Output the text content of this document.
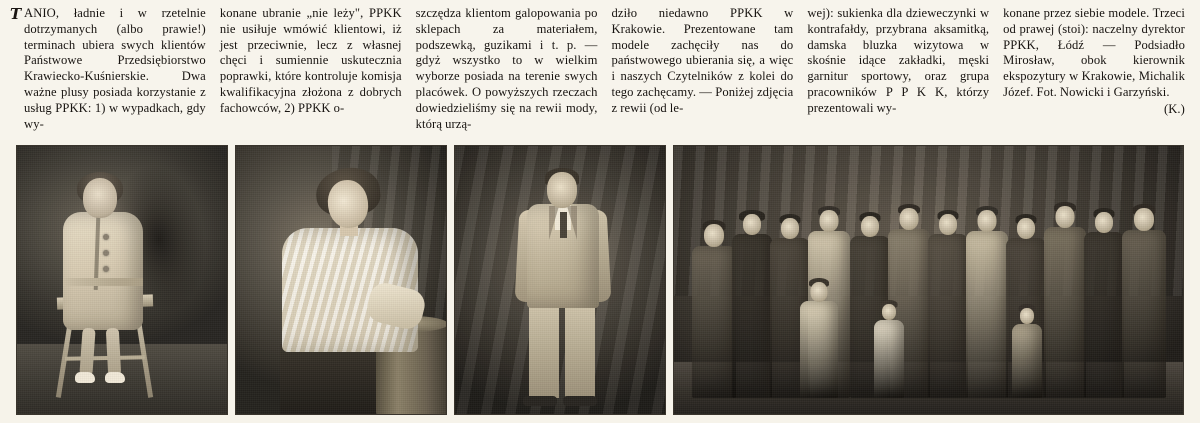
T ANIO, ładnie i w rzetelnie dotrzymanych (albo prawie!) terminach ubiera swych klientów Państwowe Przedsiębiorstwo Krawiecko-Kuśnierskie. Dwa ważne plusy posiada korzystanie z usług PPKK: 1) w wypadkach, gdy wy-

konane ubranie „nie leży", PPKK nie usiłuje wmówić klientowi, iż jest przeciwnie, lecz z własnej chęci i sumiennie uskutecznia poprawki, które kontroluje komisja kwalifikacyjna złożona z dobrych fachowców, 2) PPKK o-

szczędza klientom galopowania po sklepach za materiałem, podszewką, guzikami i t. p. — gdyż wszystko to w wielkim wyborze posiada na terenie swych placówek. O powyższych rzeczach dowiedzieliśmy się na rewii mody, którą urzą-

dziło niedawno PPKK w Krakowie. Prezentowane tam modele zachęciły nas do państwowego ubierania się, a więc i naszych Czytelników z kolei do tego zachęcamy. — Poniżej zdjęcia z rewii (od le-

wej): sukienka dla dzieweczynki w kontrafałdy, przybrana aksamitką, damska bluzka wizytowa w skośnie idące zakładki, męski garnitur sportowy, oraz grupa pracowników P P K K, którzy prezentowali wy-

konane przez siebie modele. Trzeci od prawej (stoi): naczelny dyrektor PPKK, Łódź — Podsiadło Mirosław, obok kierownik ekspozytury w Krakowie, Michalik Józef. Fot. Nowicki i Garzyński.

(K.)
